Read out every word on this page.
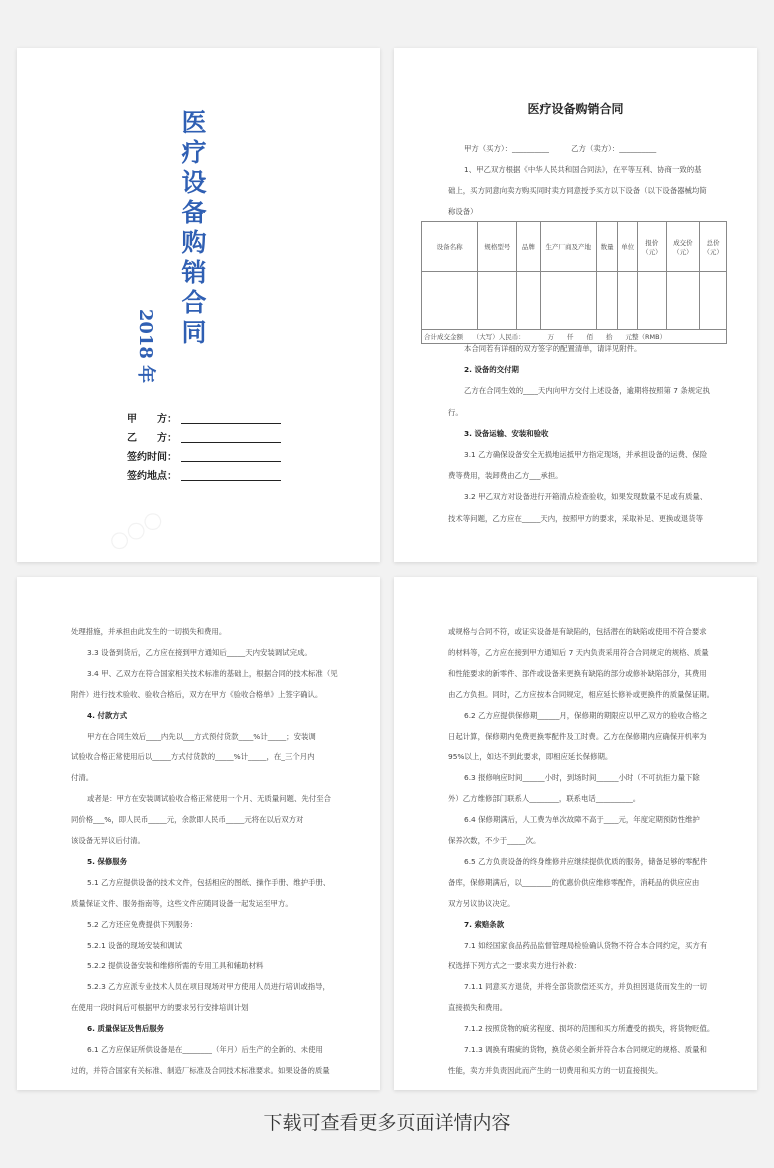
医
疗
设
备
购
销
合
同
2018 年
甲　　方：
乙　　方：
签约时间：
签约地点：
○○○
医疗设备购销合同
甲方（买方）：__________　　　乙方（卖方）：__________
1、甲乙双方根据《中华人民共和国合同法》，在平等互利、协商一致的基
础上，买方同意向卖方购买同时卖方同意授予买方以下设备（以下设备器械均简
称设备）
设备名称	规格型号	品牌	生产厂商及产地	数量	单位	报价（元）	成交价（元）	总价（元）

合计成交金额　　（大写）人民币：　　　　万　　仟　　佰　　拾　　元整（RMB）								
本合同若有详细的双方签字的配置清单，请详见附件。
2. 设备的交付期
乙方在合同生效的____天内向甲方交付上述设备，逾期将按照第 7 条规定执
行。
3. 设备运输、安装和验收
3.1 乙方确保设备安全无损地运抵甲方指定现场，并承担设备的运费、保险
费等费用，装卸费由乙方___承担。
3.2 甲乙双方对设备进行开箱清点检查验收，如果发现数量不足或有质量、
技术等问题，乙方应在_____天内，按照甲方的要求，采取补足、更换或退货等
处理措施，并承担由此发生的一切损失和费用。
3.3 设备到货后，乙方应在接到甲方通知后_____天内安装调试完成。
3.4 甲、乙双方在符合国家相关技术标准的基础上，根据合同的技术标准（见
附件）进行技术验收、验收合格后，双方在甲方《验收合格单》上签字确认。
4. 付款方式
甲方在合同生效后____内先以___方式预付货款____%计_____；安装调
试验收合格正常使用后以_____方式付货款的_____%计_____，在_三个月内
付清。
或者是：甲方在安装调试验收合格正常使用一个月、无质量问题、先付至合
同价格___%，即人民币_____元，余款即人民币_____元将在以后双方对
该设备无异议后付清。
5. 保修服务
5.1 乙方应提供设备的技术文件，包括相应的图纸、操作手册、维护手册、
质量保证文件、服务指南等，这些文件应随同设备一起发运至甲方。
5.2 乙方还应免费提供下列服务：
5.2.1 设备的现场安装和调试
5.2.2 提供设备安装和维修所需的专用工具和辅助材料
5.2.3 乙方应派专业技术人员在项目现场对甲方使用人员进行培训或指导，
在使用一段时间后可根据甲方的要求另行安排培训计划
6. 质量保证及售后服务
6.1 乙方应保证所供设备是在________（年月）后生产的全新的、未使用
过的，并符合国家有关标准、制造厂标准及合同技术标准要求。如果设备的质量
或规格与合同不符，或证实设备是有缺陷的，包括潜在的缺陷或使用不符合要求
的材料等，乙方应在接到甲方通知后 7 天内负责采用符合合同规定的规格、质量
和性能要求的新零件、部件或设备来更换有缺陷的部分或修补缺陷部分，其费用
由乙方负担。同时，乙方应按本合同规定，相应延长修补或更换件的质量保证期。
6.2 乙方应提供保修期______月，保修期的期限应以甲乙双方的验收合格之
日起计算，保修期内免费更换零配件及工时费。乙方在保修期内应确保开机率为
95%以上，如达不到此要求，即相应延长保修期。
6.3 报修响应时间______小时，到场时间______小时（不可抗拒力量下除
外）乙方维修部门联系人________，联系电话__________。
6.4 保修期满后，人工费为单次故障不高于____元，年度定期预防性维护
保养次数，不少于_____次。
6.5 乙方负责设备的终身维修并应继续提供优质的服务，储备足够的零配件
备库，保修期满后，以________的优惠价供应维修零配件，消耗品的供应应由
双方另议协议决定。
7. 索赔条款
7.1 如经国家食品药品监督管理局检验确认货物不符合本合同约定，买方有
权选择下列方式之一要求卖方进行补救：
7.1.1 同意买方退货，并将全部货款偿还买方，并负担因退货而发生的一切
直接损失和费用。
7.1.2 按照货物的疵劣程度、损坏的范围和买方所遭受的损失，将货物贬值。
7.1.3 调换有瑕疵的货物，换货必须全新并符合本合同规定的规格、质量和
性能，卖方并负责因此而产生的一切费用和买方的一切直接损失。
下载可查看更多页面详情内容
